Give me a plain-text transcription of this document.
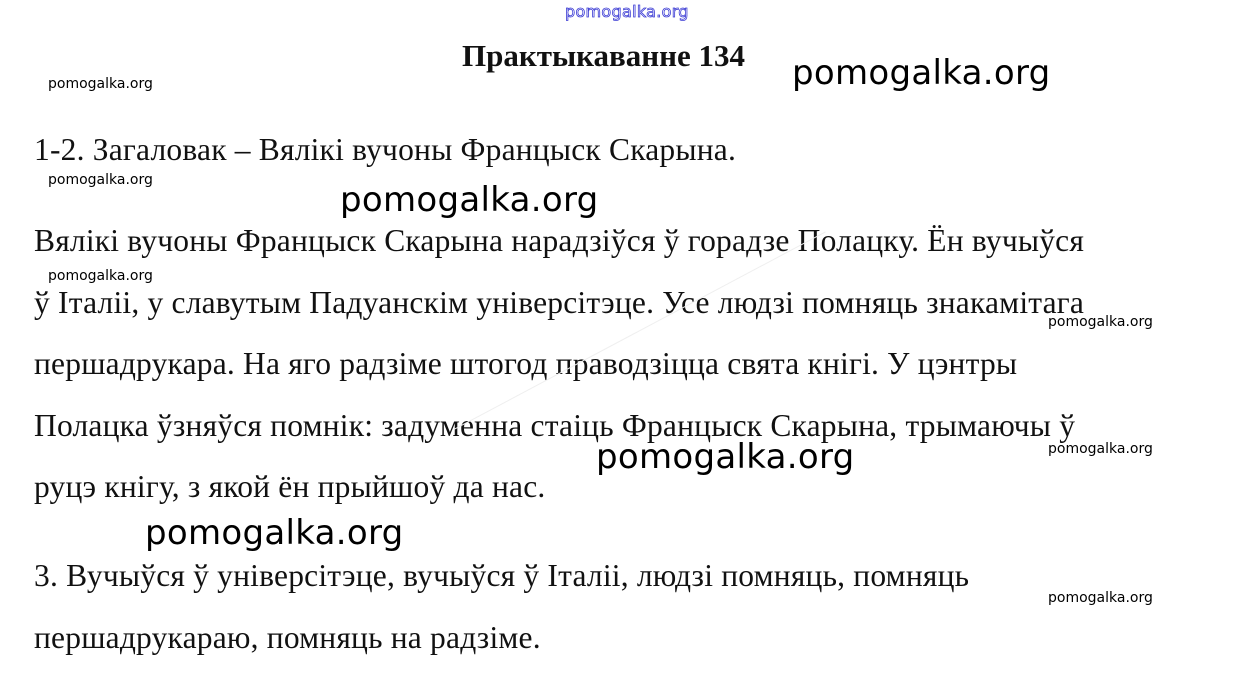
pomogalka.org
Практыкаванне 134
1-2. Загаловак – Вялікі вучоны Францыск Скарына.
Вялікі вучоны Францыск Скарына нарадзіўся ў горадзе Полацку. Ён вучыўся
ў Італіі, у славутым Падуанскім універсітэце. Усе людзі помняць знакамітага
першадрукара. На яго радзіме штогод праводзіцца свята кнігі. У цэнтры
Полацка ўзняўся помнік: задуменна стаіць Францыск Скарына, трымаючы ў
руцэ кнігу, з якой ён прыйшоў да нас.
3. Вучыўся ў універсітэце, вучыўся ў Італіі, людзі помняць, помняць
першадрукараю, помняць на радзіме.
pomogalka.org
pomogalka.org
pomogalka.org
pomogalka.org
pomogalka.org
pomogalka.org
pomogalka.org
pomogalka.org
pomogalka.org
pomogalka.org
